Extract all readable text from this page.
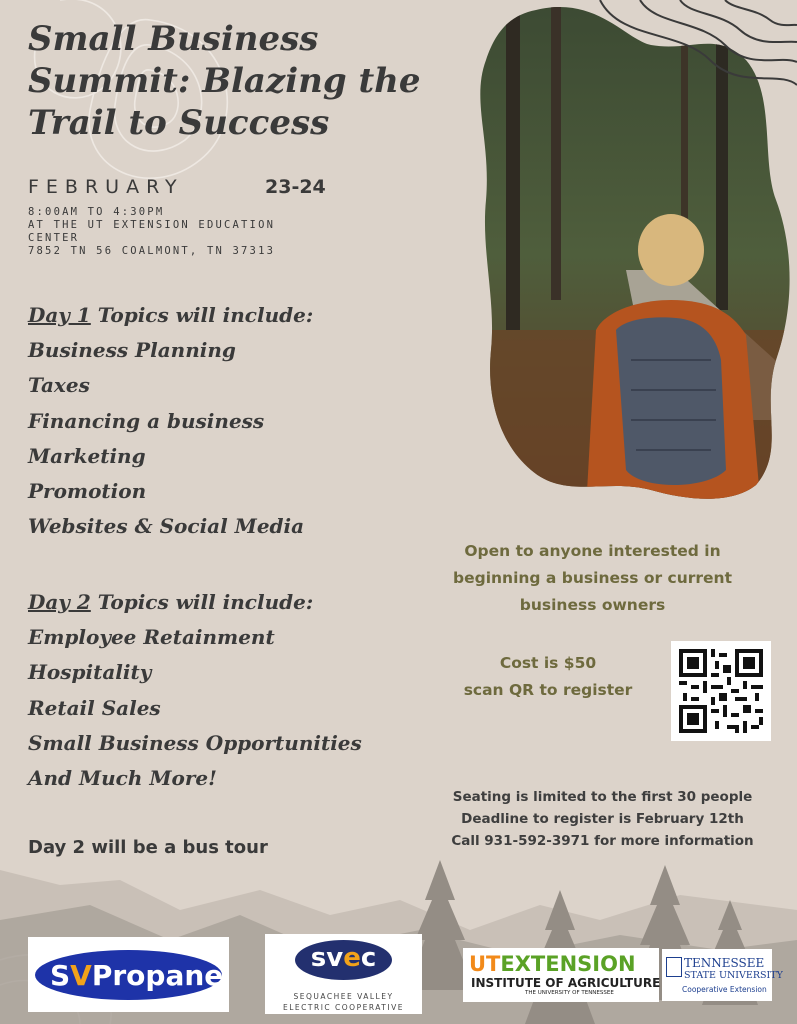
Small Business
Summit: Blazing the
Trail to Success
FEBRUARY	23-24
8:00AM TO 4:30PM
AT THE UT EXTENSION EDUCATION
CENTER
7852 TN 56 COALMONT, TN 37313
Day 1 Topics will include:
Business Planning
Taxes
Financing a business
Marketing
Promotion
Websites & Social Media
Day 2 Topics will include:
Employee Retainment
Hospitality
Retail Sales
Small Business Opportunities
And Much More!
Day 2 will be a bus tour
Open to anyone interested in
beginning a business or current
business owners
Cost is $50
scan QR to register
Seating is limited to the first 30 people
Deadline to register is February 12th
Call 931-592-3971 for more information
SVPropane
svec
SEQUACHEE VALLEY
ELECTRIC COOPERATIVE
UTEXTENSION
INSTITUTE OF AGRICULTURE
THE UNIVERSITY OF TENNESSEE
TENNESSEE
STATE UNIVERSITY
Cooperative Extension
